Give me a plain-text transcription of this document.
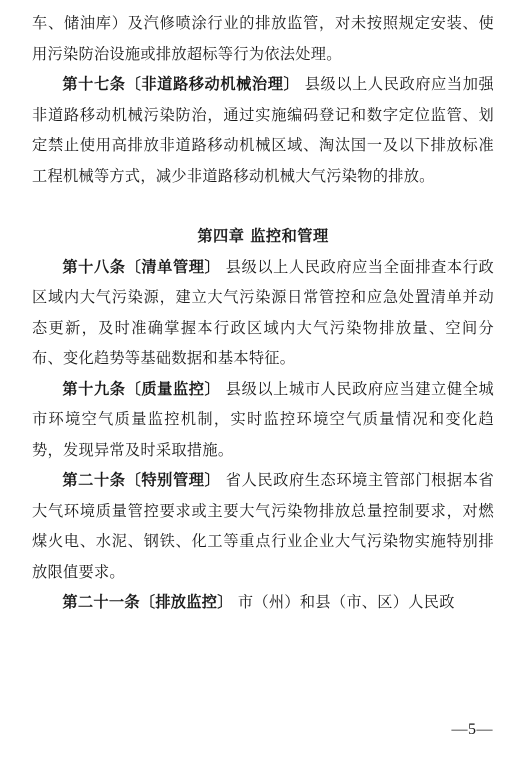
车、储油库）及汽修喷涂行业的排放监管，对未按照规定安装、使用污染防治设施或排放超标等行为依法处理。

第十七条〔非道路移动机械治理〕 县级以上人民政府应当加强非道路移动机械污染防治，通过实施编码登记和数字定位监管、划定禁止使用高排放非道路移动机械区域、淘汰国一及以下排放标准工程机械等方式，减少非道路移动机械大气污染物的排放。

第四章 监控和管理

第十八条〔清单管理〕 县级以上人民政府应当全面排查本行政区域内大气污染源，建立大气污染源日常管控和应急处置清单并动态更新，及时准确掌握本行政区域内大气污染物排放量、空间分布、变化趋势等基础数据和基本特征。

第十九条〔质量监控〕 县级以上城市人民政府应当建立健全城市环境空气质量监控机制，实时监控环境空气质量情况和变化趋势，发现异常及时采取措施。

第二十条〔特别管理〕 省人民政府生态环境主管部门根据本省大气环境质量管控要求或主要大气污染物排放总量控制要求，对燃煤火电、水泥、钢铁、化工等重点行业企业大气污染物实施特别排放限值要求。

第二十一条〔排放监控〕 市（州）和县（市、区）人民政

—5—
